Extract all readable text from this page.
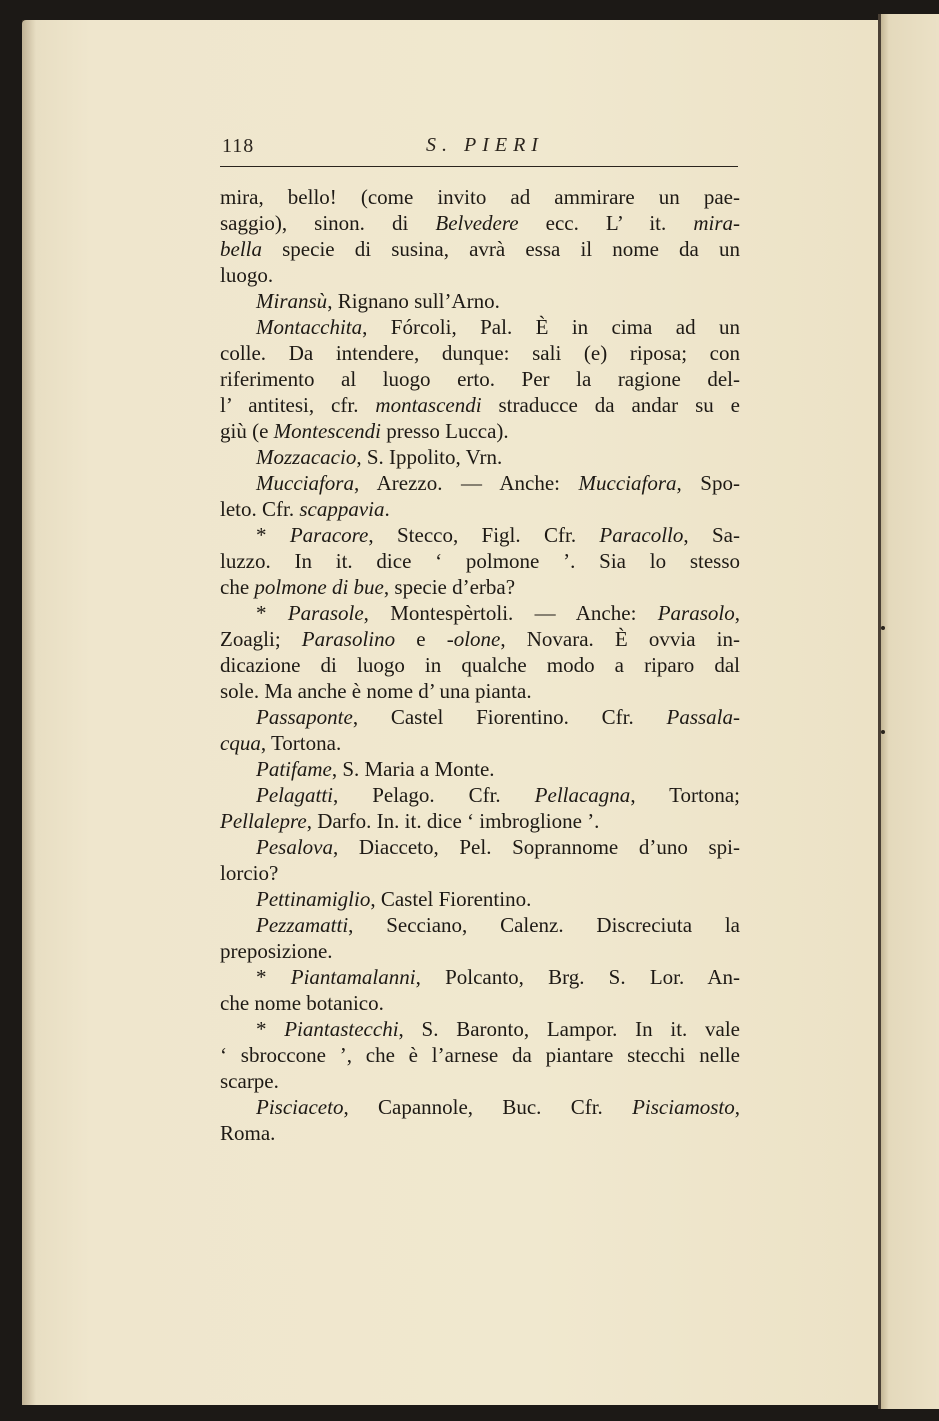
118	S. PIERI
mira, bello! (come invito ad ammirare un pae-
saggio), sinon. di Belvedere ecc. L’ it. mira-
bella specie di susina, avrà essa il nome da un
luogo.
Miransù, Rignano sull’Arno.
Montacchita, Fórcoli, Pal. È in cima ad un
colle. Da intendere, dunque: sali (e) riposa; con
riferimento al luogo erto. Per la ragione del-
l’ antitesi, cfr. montascendi straducce da andar su e
giù (e Montescendi presso Lucca).
Mozzacacio, S. Ippolito, Vrn.
Mucciafora, Arezzo. — Anche: Mucciafora, Spo-
leto. Cfr. scappavia.
* Paracore, Stecco, Figl. Cfr. Paracollo, Sa-
luzzo. In it. dice ‘ polmone ’. Sia lo stesso
che polmone di bue, specie d’erba?
* Parasole, Montespèrtoli. — Anche: Parasolo,
Zoagli; Parasolino e -olone, Novara. È ovvia in-
dicazione di luogo in qualche modo a riparo dal
sole. Ma anche è nome d’ una pianta.
Passaponte, Castel Fiorentino. Cfr. Passala-
cqua, Tortona.
Patifame, S. Maria a Monte.
Pelagatti, Pelago. Cfr. Pellacagna, Tortona;
Pellalepre, Darfo. In. it. dice ‘ imbroglione ’.
Pesalova, Diacceto, Pel. Soprannome d’uno spi-
lorcio?
Pettinamiglio, Castel Fiorentino.
Pezzamatti, Secciano, Calenz. Discreciuta la
preposizione.
* Piantamalanni, Polcanto, Brg. S. Lor. An-
che nome botanico.
* Piantastecchi, S. Baronto, Lampor. In it. vale
‘ sbroccone ’, che è l’arnese da piantare stecchi nelle
scarpe.
Pisciaceto, Capannole, Buc. Cfr. Pisciamosto,
Roma.
